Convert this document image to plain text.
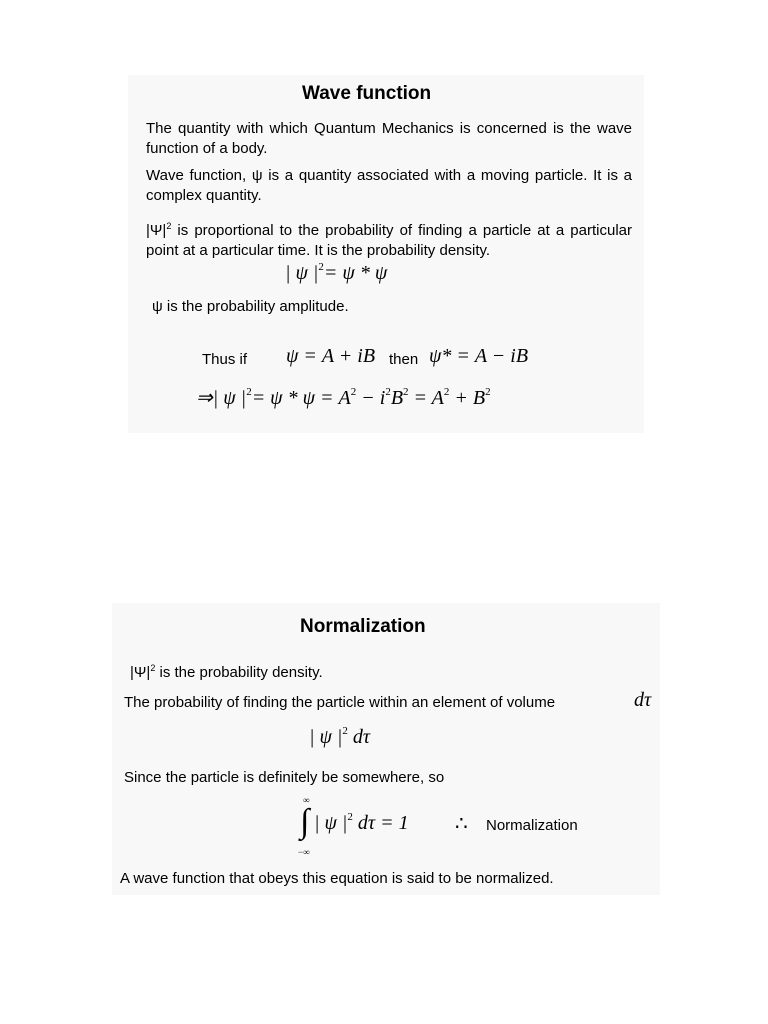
Wave function
The quantity with which Quantum Mechanics is concerned is the wave function of a body.
Wave function, ψ is a quantity associated with a moving particle. It is a complex quantity.
$|\Psi|^2$ is proportional to the probability of finding a particle at a particular point at a particular time. It is the probability density.
| ψ $|^2= \psi * \psi$
ψ is the probability amplitude.
Thus if ψ = A + iB then ψ* = A − iB
⇒| ψ $|^2= \psi * \psi = A^2 - i^2B^2 = A^2 + B^2$
Normalization
$|\Psi|^2$ is the probability density.
The probability of finding the particle within an element of volume	dτ
| ψ $|^2$ dτ
Since the particle is definitely be somewhere, so
∞
∫
−∞
| ψ $|^2$ dτ = 1 ∴ Normalization
A wave function that obeys this equation is said to be normalized.
